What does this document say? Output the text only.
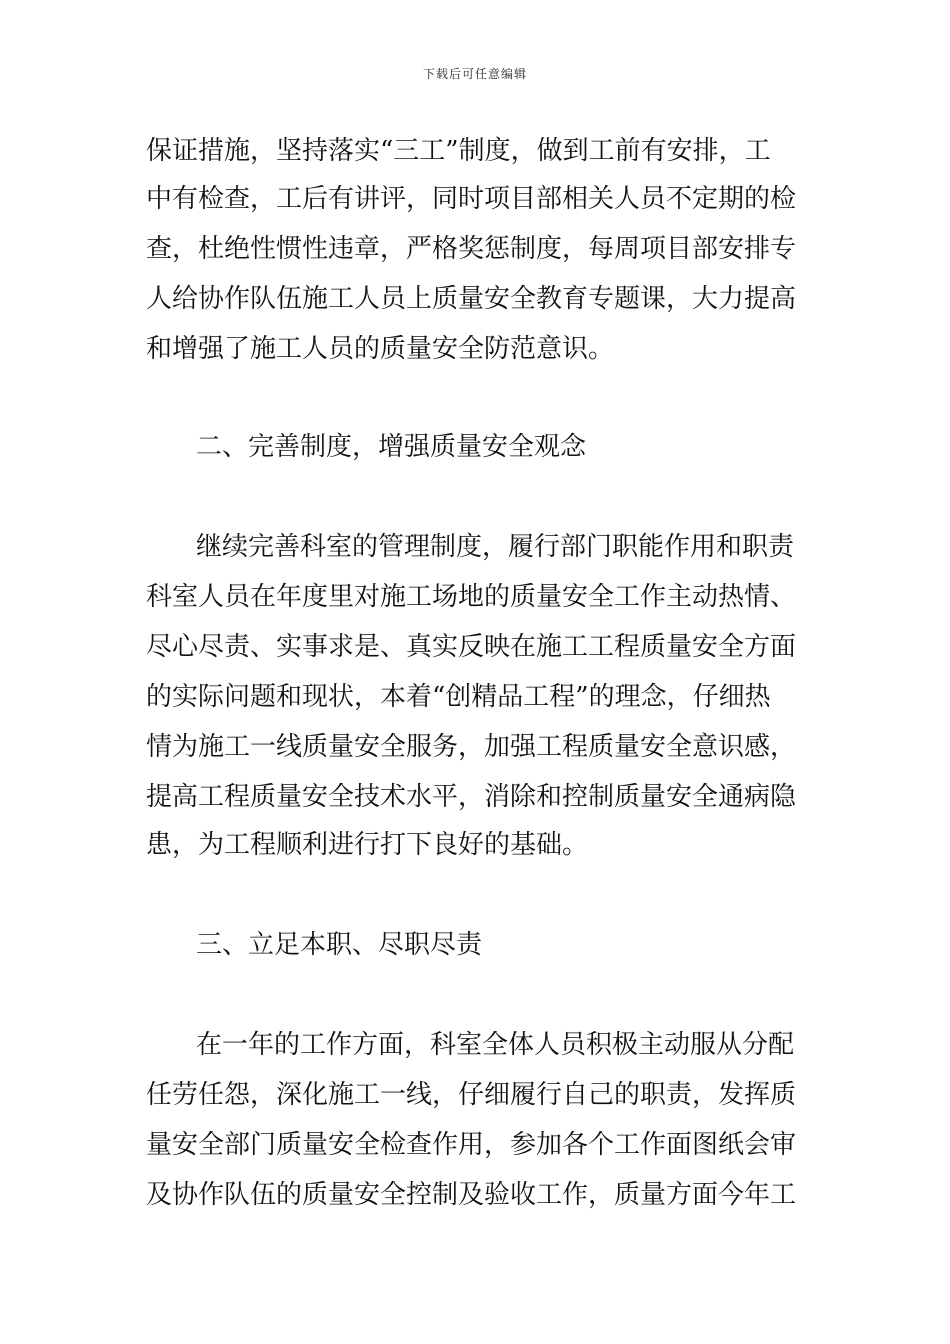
下载后可任意编辑
保证措施，坚持落实“三工”制度，做到工前有安排，工
中有检查，工后有讲评，同时项目部相关人员不定期的检
查，杜绝性惯性违章，严格奖惩制度，每周项目部安排专
人给协作队伍施工人员上质量安全教育专题课，大力提高
和增强了施工人员的质量安全防范意识。
二、完善制度，增强质量安全观念
继续完善科室的管理制度，履行部门职能作用和职责
科室人员在年度里对施工场地的质量安全工作主动热情、
尽心尽责、实事求是、真实反映在施工工程质量安全方面
的实际问题和现状，本着“创精品工程”的理念，仔细热
情为施工一线质量安全服务，加强工程质量安全意识感，
提高工程质量安全技术水平，消除和控制质量安全通病隐
患，为工程顺利进行打下良好的基础。
三、立足本职、尽职尽责
在一年的工作方面，科室全体人员积极主动服从分配
任劳任怨，深化施工一线，仔细履行自己的职责，发挥质
量安全部门质量安全检查作用，参加各个工作面图纸会审
及协作队伍的质量安全控制及验收工作，质量方面今年工
